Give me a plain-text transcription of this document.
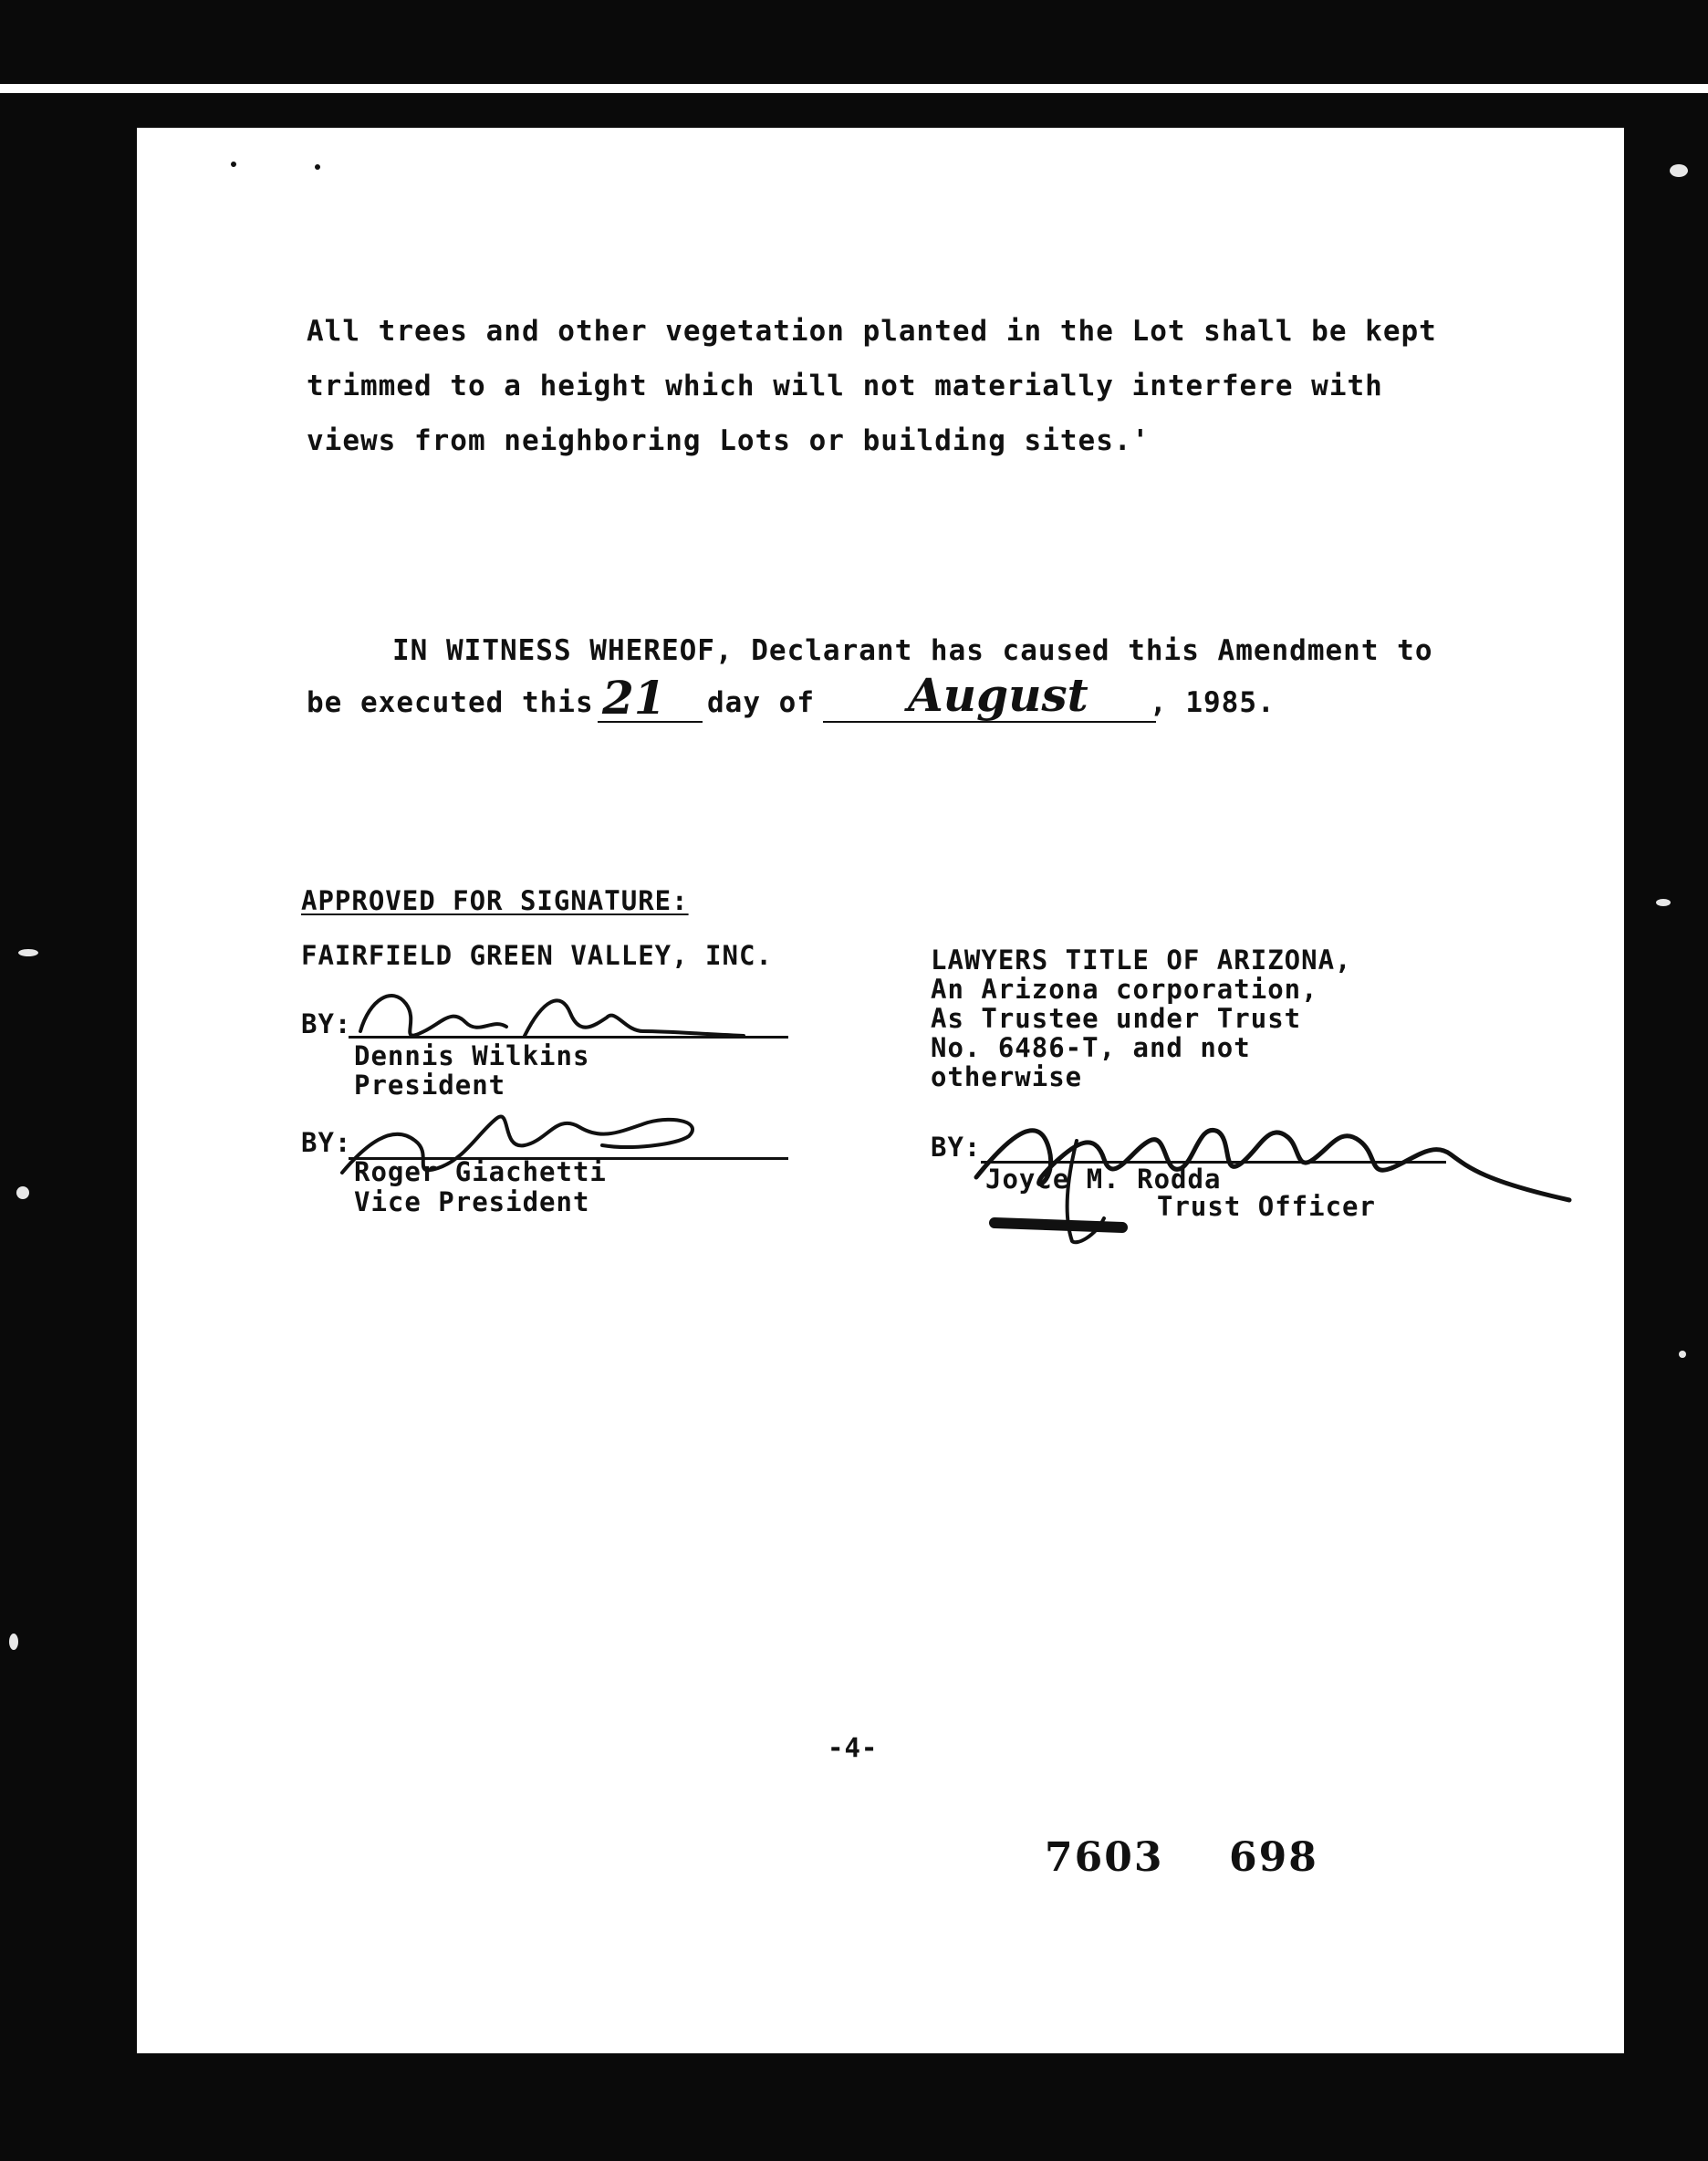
All trees and other vegetation planted in the Lot shall be kept
trimmed to a height which will not materially interfere with
views from neighboring Lots or building sites.'
IN WITNESS WHEREOF, Declarant has caused this Amendment to
be executed this 21 day of August , 1985.
APPROVED FOR SIGNATURE:
FAIRFIELD GREEN VALLEY, INC.
BY:
Dennis Wilkins
President
BY:
Roger Giachetti
Vice President
LAWYERS TITLE OF ARIZONA,
An Arizona corporation,
As Trustee under Trust
No. 6486-T, and not
otherwise
BY:
Joyce M. Rodda
Trust Officer
-4-
7603 698
